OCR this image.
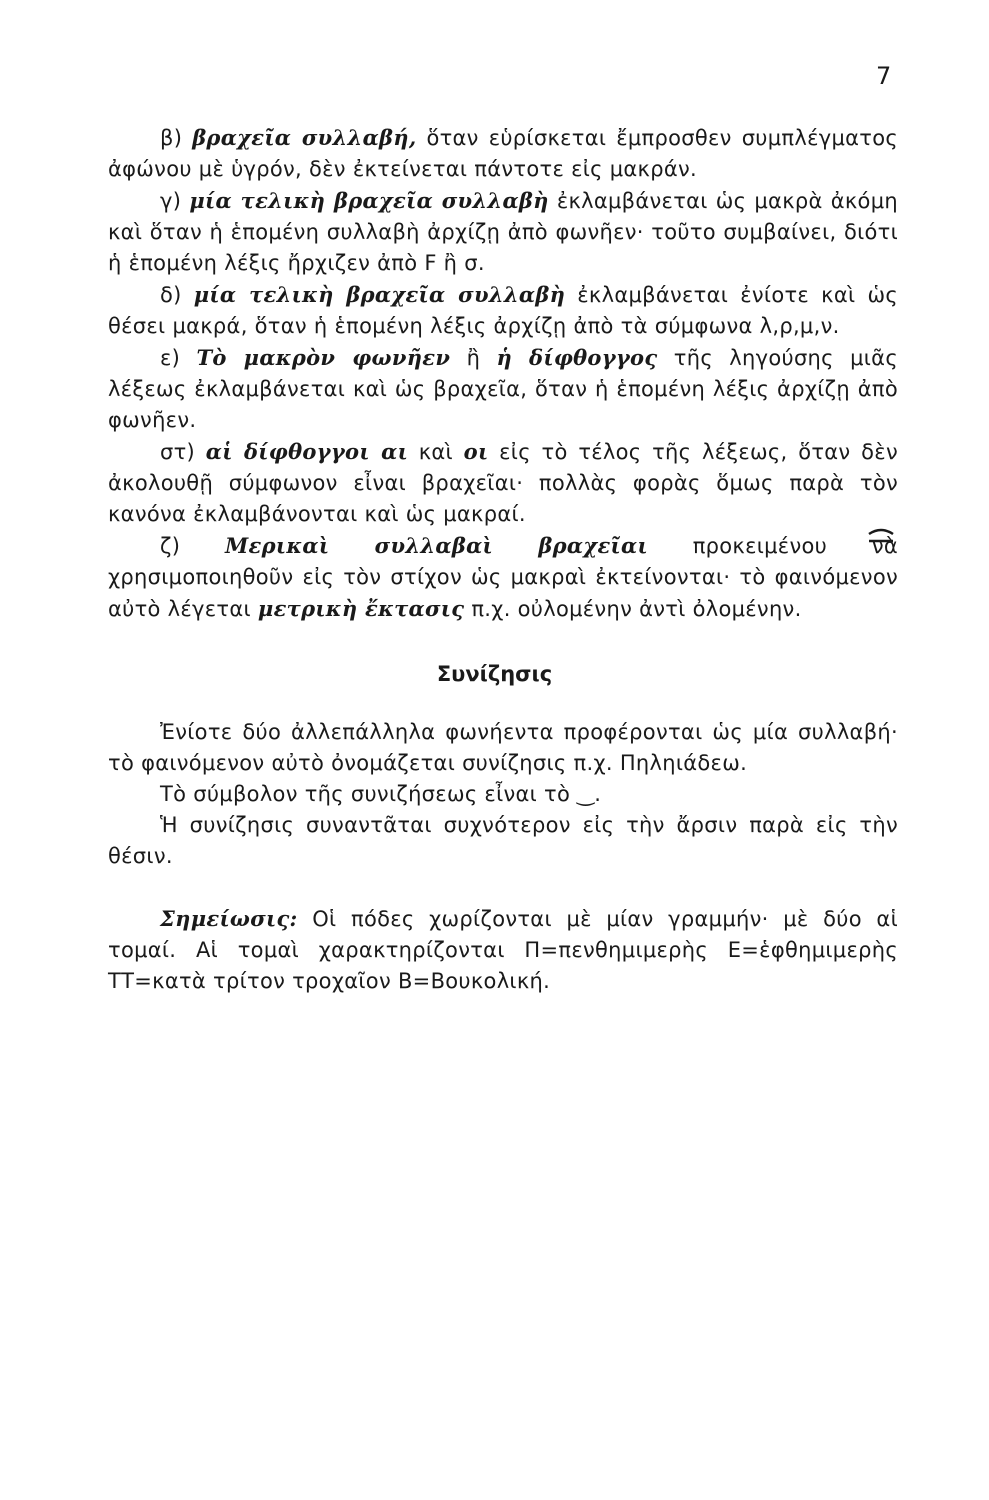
7

β) βραχεῖα συλλαβή, ὅταν εὑρίσκεται ἔμπροσθεν συμπλέγματος ἀφώνου μὲ ὑγρόν, δὲν ἐκτείνεται πάντοτε εἰς μακράν.

γ) μία τελικὴ βραχεῖα συλλαβὴ ἐκλαμβάνεται ὡς μακρὰ ἀκόμη καὶ ὅταν ἡ ἑπομένη συλλαβὴ ἀρχίζῃ ἀπὸ φωνῆεν· τοῦτο συμβαίνει, διότι ἡ ἑπομένη λέξις ἤρχιζεν ἀπὸ F ἢ σ.

δ) μία τελικὴ βραχεῖα συλλαβὴ ἐκλαμβάνεται ἐνίοτε καὶ ὡς θέσει μακρά, ὅταν ἡ ἑπομένη λέξις ἀρχίζῃ ἀπὸ τὰ σύμφωνα λ,ρ,μ,ν.

ε) Τὸ μακρὸν φωνῆεν ἢ ἡ δίφθογγος τῆς ληγούσης μιᾶς λέξεως ἐκλαμβάνεται καὶ ὡς βραχεῖα, ὅταν ἡ ἑπομένη λέξις ἀρχίζῃ ἀπὸ φωνῆεν.

στ) αἱ δίφθογγοι αι καὶ οι εἰς τὸ τέλος τῆς λέξεως, ὅταν δὲν ἀκολουθῇ σύμφωνον εἶναι βραχεῖαι· πολλὰς φορὰς ὅμως παρὰ τὸν κανόνα ἐκλαμβάνονται καὶ ὡς μακραί.

ζ) Μερικαὶ συλλαβαὶ βραχεῖαι προκειμένου νὰ χρησιμοποιηθοῦν εἰς τὸν στίχον ὡς μακραὶ ἐκτείνονται· τὸ φαινόμενον αὐτὸ λέγεται μετρικὴ ἔκτασις π.χ. οὐλομένην ἀντὶ ὀλομένην.

Συνίζησις

Ἐνίοτε δύο ἀλλεπάλληλα φωνήεντα προφέρονται ὡς μία συλλαβή· τὸ φαινόμενον αὐτὸ ὀνομάζεται συνίζησις π.χ. Πηληιάδεω.

Τὸ σύμβολον τῆς συνιζήσεως εἶναι τὸ ‿.

Ἡ συνίζησις συναντᾶται συχνότερον εἰς τὴν ἄρσιν παρὰ εἰς τὴν θέσιν.

Σημείωσις: Οἱ πόδες χωρίζονται μὲ μίαν γραμμήν· μὲ δύο αἱ τομαί. Αἱ τομαὶ χαρακτηρίζονται Π=πενθημιμερὴς Ε=ἑφθημιμερὴς ΤΤ=κατὰ τρίτον τροχαῖον Β=Βουκολική.
